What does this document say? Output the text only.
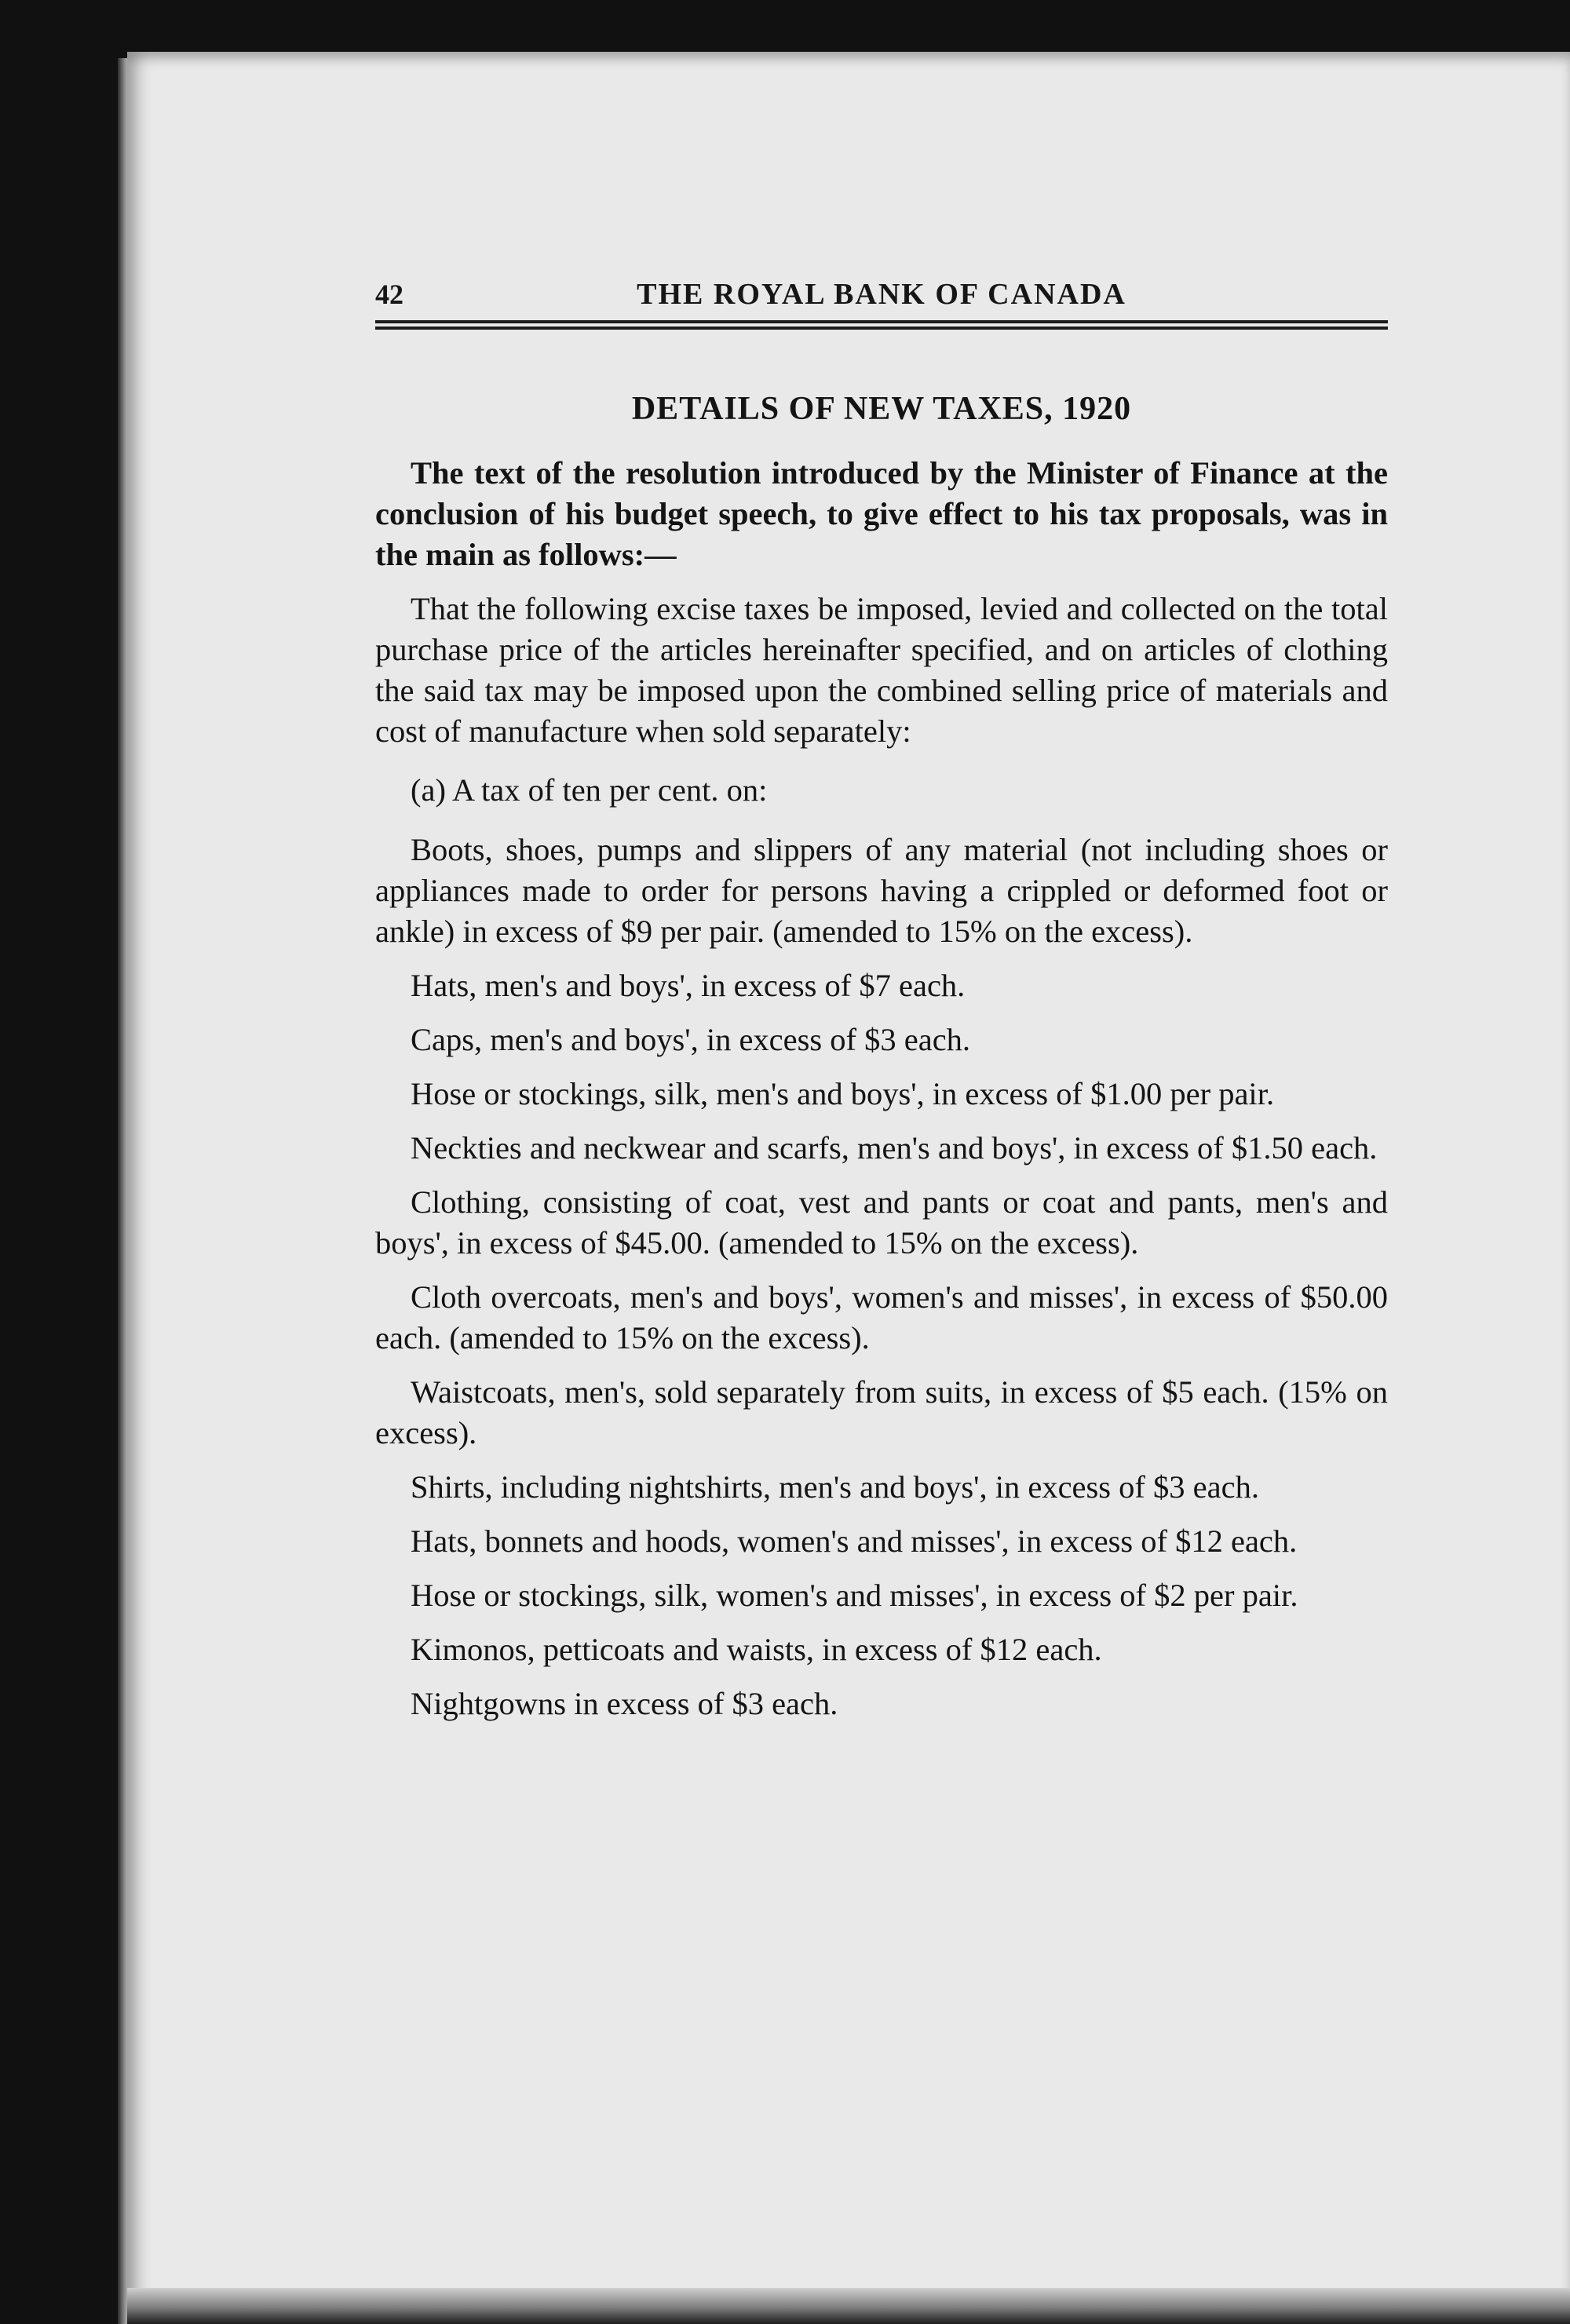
42	THE ROYAL BANK OF CANADA
DETAILS OF NEW TAXES, 1920

The text of the resolution introduced by the Minister of Finance at the conclusion of his budget speech, to give effect to his tax proposals, was in the main as follows:—

That the following excise taxes be imposed, levied and collected on the total purchase price of the articles hereinafter specified, and on articles of clothing the said tax may be imposed upon the combined selling price of materials and cost of manufacture when sold separately:

(a) A tax of ten per cent. on:

Boots, shoes, pumps and slippers of any material (not including shoes or appliances made to order for persons having a crippled or deformed foot or ankle) in excess of $9 per pair. (amended to 15% on the excess).

Hats, men's and boys', in excess of $7 each.

Caps, men's and boys', in excess of $3 each.

Hose or stockings, silk, men's and boys', in excess of $1.00 per pair.

Neckties and neckwear and scarfs, men's and boys', in excess of $1.50 each.

Clothing, consisting of coat, vest and pants or coat and pants, men's and boys', in excess of $45.00. (amended to 15% on the excess).

Cloth overcoats, men's and boys', women's and misses', in excess of $50.00 each. (amended to 15% on the excess).

Waistcoats, men's, sold separately from suits, in excess of $5 each. (15% on excess).

Shirts, including nightshirts, men's and boys', in excess of $3 each.

Hats, bonnets and hoods, women's and misses', in excess of $12 each.

Hose or stockings, silk, women's and misses', in excess of $2 per pair.

Kimonos, petticoats and waists, in excess of $12 each.

Nightgowns in excess of $3 each.
